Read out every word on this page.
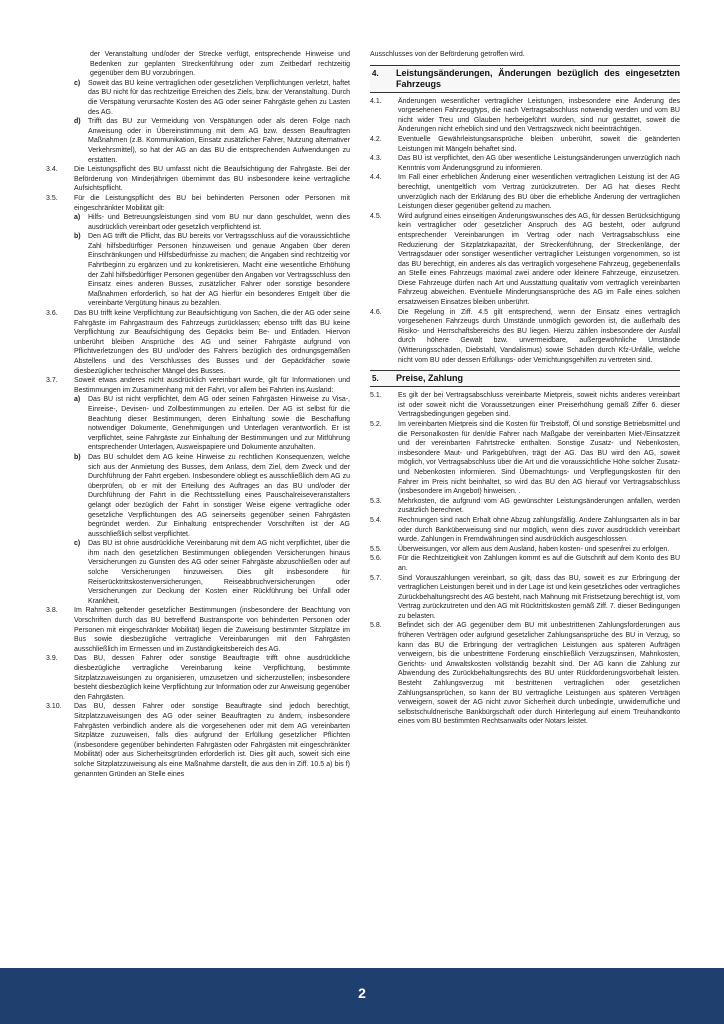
der Veranstaltung und/oder der Strecke verfügt, entsprechende Hinweise und Bedenken zur geplanten Streckenführung oder zum Zeitbedarf rechtzeitig gegenüber dem BU vorzubringen.
c)	Soweit das BU keine vertraglichen oder gesetzlichen Verpflichtungen verletzt, haftet das BU nicht für das rechtzeitige Erreichen des Ziels, bzw. der Veranstaltung. Durch die Verspätung verursachte Kosten des AG oder seiner Fahrgäste gehen zu Lasten des AG.
d)	Trifft das BU zur Vermeidung von Verspätungen oder als deren Folge nach Anweisung oder in Übereinstimmung mit dem AG bzw. dessen Beauftragten Maßnahmen (z.B. Kommunikation, Einsatz zusätzlicher Fahrer, Nutzung alternativer Verkehrsmittel), so hat der AG an das BU die entsprechenden Aufwendungen zu erstatten.
3.4.	Die Leistungspflicht des BU umfasst nicht die Beaufsichtigung der Fahrgäste. Bei der Beförderung von Minderjährigen übernimmt das BU insbesondere keine vertragliche Aufsichtspflicht.
3.5.	Für die Leistungspflicht des BU bei behinderten Personen oder Personen mit eingeschränkter Mobilität gilt:
a)	Hilfs- und Betreuungsleistungen sind vom BU nur dann geschuldet, wenn dies ausdrücklich vereinbart oder gesetzlich verpflichtend ist.
b)	Den AG trifft die Pflicht, das BU bereits vor Vertragsschluss auf die voraussichtliche Zahl hilfsbedürftiger Personen hinzuweisen und genaue Angaben über deren Einschränkungen und Hilfsbedürfnisse zu machen; die Angaben sind rechtzeitig vor Fahrtbeginn zu ergänzen und zu konkretisieren. Macht eine wesentliche Erhöhung der Zahl hilfsbedürftiger Personen gegenüber den Angaben vor Vertragsschluss den Einsatz eines anderen Busses, zusätzlicher Fahrer oder sonstige besondere Maßnahmen erforderlich, so hat der AG hierfür ein besonderes Entgelt über die vereinbarte Vergütung hinaus zu bezahlen.
3.6.	Das BU trifft keine Verpflichtung zur Beaufsichtigung von Sachen, die der AG oder seine Fahrgäste im Fahrgastraum des Fahrzeugs zurücklassen; ebenso trifft das BU keine Verpflichtung zur Beaufsichtigung des Gepäcks beim Be- und Entladen. Hiervon unberührt bleiben Ansprüche des AG und seiner Fahrgäste aufgrund von Pflichtverletzungen des BU und/oder des Fahrers bezüglich des ordnungsgemäßen Abstellens und des Verschlusses des Busses und der Gepäckfächer sowie diesbezüglicher technischer Mängel des Busses.
3.7.	Soweit etwas anderes nicht ausdrücklich vereinbart wurde, gilt für Informationen und Bestimmungen im Zusammenhang mit der Fahrt, vor allem bei Fahrten ins Ausland:
a)	Das BU ist nicht verpflichtet, dem AG oder seinen Fahrgästen Hinweise zu Visa-, Einreise-, Devisen- und Zollbestimmungen zu erteilen. Der AG ist selbst für die Beachtung dieser Bestimmungen, deren Einhaltung sowie die Beschaffung notwendiger Dokumente, Genehmigungen und Unterlagen verantwortlich. Er ist verpflichtet, seine Fahrgäste zur Einhaltung der Bestimmungen und zur Mitführung entsprechender Unterlagen, Ausweispapiere und Dokumente anzuhalten.
b)	Das BU schuldet dem AG keine Hinweise zu rechtlichen Konsequenzen, welche sich aus der Anmietung des Busses, dem Anlass, dem Ziel, dem Zweck und der Durchführung der Fahrt ergeben. Insbesondere obliegt es ausschließlich dem AG zu überprüfen, ob er mit der Erteilung des Auftrages an das BU und/oder der Durchführung der Fahrt in die Rechtsstellung eines Pauschalreiseveranstalters gelangt oder bezüglich der Fahrt in sonstiger Weise eigene vertragliche oder gesetzliche Verpflichtungen des AG seinerseits gegenüber seinen Fahrgästen begründet werden. Zur Einhaltung entsprechender Vorschriften ist der AG ausschließlich selbst verpflichtet.
c)	Das BU ist ohne ausdrückliche Vereinbarung mit dem AG nicht verpflichtet, über die ihm nach den gesetzlichen Bestimmungen obliegenden Versicherungen hinaus Versicherungen zu Gunsten des AG oder seiner Fahrgäste abzuschließen oder auf solche Versicherungen hinzuweisen. Dies gilt insbesondere für Reiserücktrittskostenversicherungen, Reiseabbruchversicherungen oder Versicherungen zur Deckung der Kosten einer Rückführung bei Unfall oder Krankheit.
3.8.	Im Rahmen geltender gesetzlicher Bestimmungen (insbesondere der Beachtung von Vorschriften durch das BU betreffend Bustransporte von behinderten Personen oder Personen mit eingeschränkter Mobilität) liegen die Zuweisung bestimmter Sitzplätze im Bus sowie diesbezügliche vertragliche Vereinbarungen mit den Fahrgästen ausschließlich im Ermessen und im Zuständigkeitsbereich des AG.
3.9.	Das BU, dessen Fahrer oder sonstige Beauftragte trifft ohne ausdrückliche diesbezügliche vertragliche Vereinbarung keine Verpflichtung, bestimmte Sitzplatzzuweisungen zu organisieren, umzusetzen und sicherzustellen; insbesondere besteht diesbezüglich keine Verpflichtung zur Information oder zur Anweisung gegenüber den Fahrgästen.
3.10.	Das BU, dessen Fahrer oder sonstige Beauftragte sind jedoch berechtigt, Sitzplatzzuweisungen des AG oder seiner Beauftragten zu ändern, insbesondere Fahrgästen verbindlich andere als die vorgesehenen oder mit dem AG vereinbarten Sitzplätze zuzuweisen, falls dies aufgrund der Erfüllung gesetzlicher Pflichten (insbesondere gegenüber behinderten Fahrgästen oder Fahrgästen mit eingeschränkter Mobilität) oder aus Sicherheitsgründen erforderlich ist. Dies gilt auch, soweit sich eine solche Sitzplatzzuweisung als eine Maßnahme darstellt, die aus den in Ziff. 10.5 a) bis f) genannten Gründen an Stelle eines
Ausschlusses von der Beförderung getroffen wird.
4.	Leistungsänderungen, Änderungen bezüglich des eingesetzten Fahrzeugs
4.1.	Änderungen wesentlicher vertraglicher Leistungen, insbesondere eine Änderung des vorgesehenen Fahrzeugtyps, die nach Vertragsabschluss notwendig werden und vom BU nicht wider Treu und Glauben herbeigeführt wurden, sind nur gestattet, soweit die Änderungen nicht erheblich sind und den Vertragszweck nicht beeinträchtigen.
4.2.	Eventuelle Gewährleistungsansprüche bleiben unberührt, soweit die geänderten Leistungen mit Mängeln behaftet sind.
4.3.	Das BU ist verpflichtet, den AG über wesentliche Leistungsänderungen unverzüglich nach Kenntnis vom Änderungsgrund zu informieren.
4.4.	Im Fall einer erheblichen Änderung einer wesentlichen vertraglichen Leistung ist der AG berechtigt, unentgeltlich vom Vertrag zurückzutreten. Der AG hat dieses Recht unverzüglich nach der Erklärung des BU über die erhebliche Änderung der vertraglichen Leistungen dieser gegenüber geltend zu machen.
4.5.	Wird aufgrund eines einseitigen Änderungswunsches des AG, für dessen Berücksichtigung kein vertraglicher oder gesetzlicher Anspruch des AG besteht, oder aufgrund entsprechender Vereinbarungen im Vertrag oder nach Vertragsabschluss eine Reduzierung der Sitzplatzkapazität, der Streckenführung, der Streckenlänge, der Vertragsdauer oder sonstiger wesentlicher vertraglicher Leistungen vorgenommen, so ist das BU berechtigt, ein anderes als das vertraglich vorgesehene Fahrzeug, gegebenenfalls an Stelle eines Fahrzeugs maximal zwei andere oder kleinere Fahrzeuge, einzusetzen. Diese Fahrzeuge dürfen nach Art und Ausstattung qualitativ vom vertraglich vereinbarten Fahrzeug abweichen. Eventuelle Minderungsansprüche des AG im Falle eines solchen ersatzweisen Einsatzes bleiben unberührt.
4.6.	Die Regelung in Ziff. 4.5 gilt entsprechend, wenn der Einsatz eines vertraglich vorgesehenen Fahrzeugs durch Umstände unmöglich geworden ist, die außerhalb des Risiko- und Herrschaftsbereichs des BU liegen. Hierzu zählen insbesondere der Ausfall durch höhere Gewalt bzw. unvermeidbare, außergewöhnliche Umstände (Witterungsschäden, Diebstahl, Vandalismus) sowie Schäden durch Kfz-Unfälle, welche nicht vom BU oder dessen Erfüllungs- oder Verrichtungsgehilfen zu vertreten sind.
5.	Preise, Zahlung
5.1.	Es gilt der bei Vertragsabschluss vereinbarte Mietpreis, soweit nichts anderes vereinbart ist oder soweit nicht die Voraussetzungen einer Preiserhöhung gemäß Ziffer 6. dieser Vertragsbedingungen gegeben sind.
5.2.	Im vereinbarten Mietpreis sind die Kosten für Treibstoff, Öl und sonstige Betriebsmittel und die Personalkosten für den/die Fahrer nach Maßgabe der vereinbarten Miet-/Einsatzzeit und der vereinbarten Fahrtstrecke enthalten. Sonstige Zusatz- und Nebenkosten, insbesondere Maut- und Parkgebühren, trägt der AG. Das BU wird den AG, soweit möglich, vor Vertragsabschluss über die Art und die voraussichtliche Höhe solcher Zusatz- und Nebenkosten informieren. Sind Übernachtungs- und Verpflegungskosten für den Fahrer im Preis nicht beinhaltet, so wird das BU den AG hierauf vor Vertragsabschluss (insbesondere im Angebot) hinweisen. .
5.3.	Mehrkosten, die aufgrund vom AG gewünschter Leistungsänderungen anfallen, werden zusätzlich berechnet.
5.4.	Rechnungen sind nach Erhalt ohne Abzug zahlungsfällig. Andere Zahlungsarten als in bar oder durch Banküberweisung sind nur möglich, wenn dies zuvor ausdrücklich vereinbart wurde. Zahlungen in Fremdwährungen sind ausdrücklich ausgeschlossen.
5.5.	Überweisungen, vor allem aus dem Ausland, haben kosten- und spesenfrei zu erfolgen.
5.6.	Für die Rechtzeitigkeit von Zahlungen kommt es auf die Gutschrift auf dem Konto des BU an.
5.7.	Sind Vorauszahlungen vereinbart, so gilt, dass das BU, soweit es zur Erbringung der vertraglichen Leistungen bereit und in der Lage ist und kein gesetzliches oder vertragliches Zurückbehaltungsrecht des AG besteht, nach Mahnung mit Fristsetzung berechtigt ist, vom Vertrag zurückzutreten und den AG mit Rücktrittskosten gemäß Ziff. 7. dieser Bedingungen zu belasten.
5.8.	Befindet sich der AG gegenüber dem BU mit unbestrittenen Zahlungsforderungen aus früheren Verträgen oder aufgrund gesetzlicher Zahlungsansprüche des BU in Verzug, so kann das BU die Erbringung der vertraglichen Leistungen aus späteren Aufträgen verweigern, bis die unbestrittene Forderung einschließlich Verzugszinsen, Mahnkosten, Gerichts- und Anwaltskosten vollständig bezahlt sind. Der AG kann die Zahlung zur Abwendung des Zurückbehaltungsrechts des BU unter Rückforderungsvorbehalt leisten. Besteht Zahlungsverzug mit bestrittenen vertraglichen oder gesetzlichen Zahlungsansprüchen, so kann der BU vertragliche Leistungen aus späteren Verträgen verweigern, soweit der AG nicht zuvor Sicherheit durch unbedingte, unwiderrufliche und selbstschuldnerische Bankbürgschaft oder durch Hinterlegung auf einem Treuhandkonto eines vom BU bestimmten Rechtsanwalts oder Notars leistet.
2
